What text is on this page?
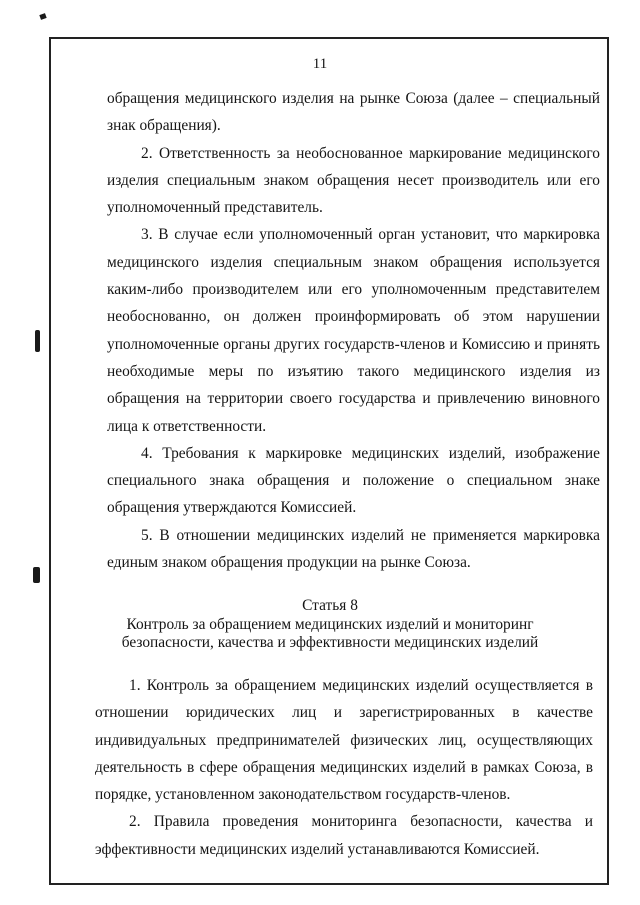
11

обращения медицинского изделия на рынке Союза (далее – специальный знак обращения).

2. Ответственность за необоснованное маркирование медицинского изделия специальным знаком обращения несет производитель или его уполномоченный представитель.

3. В случае если уполномоченный орган установит, что маркировка медицинского изделия специальным знаком обращения используется каким-либо производителем или его уполномоченным представителем необоснованно, он должен проинформировать об этом нарушении уполномоченные органы других государств-членов и Комиссию и принять необходимые меры по изъятию такого медицинского изделия из обращения на территории своего государства и привлечению виновного лица к ответственности.

4. Требования к маркировке медицинских изделий, изображение специального знака обращения и положение о специальном знаке обращения утверждаются Комиссией.

5. В отношении медицинских изделий не применяется маркировка единым знаком обращения продукции на рынке Союза.

Статья 8
Контроль за обращением медицинских изделий и мониторинг
безопасности, качества и эффективности медицинских изделий

1. Контроль за обращением медицинских изделий осуществляется в отношении юридических лиц и зарегистрированных в качестве индивидуальных предпринимателей физических лиц, осуществляющих деятельность в сфере обращения медицинских изделий в рамках Союза, в порядке, установленном законодательством государств-членов.

2. Правила проведения мониторинга безопасности, качества и эффективности медицинских изделий устанавливаются Комиссией.
